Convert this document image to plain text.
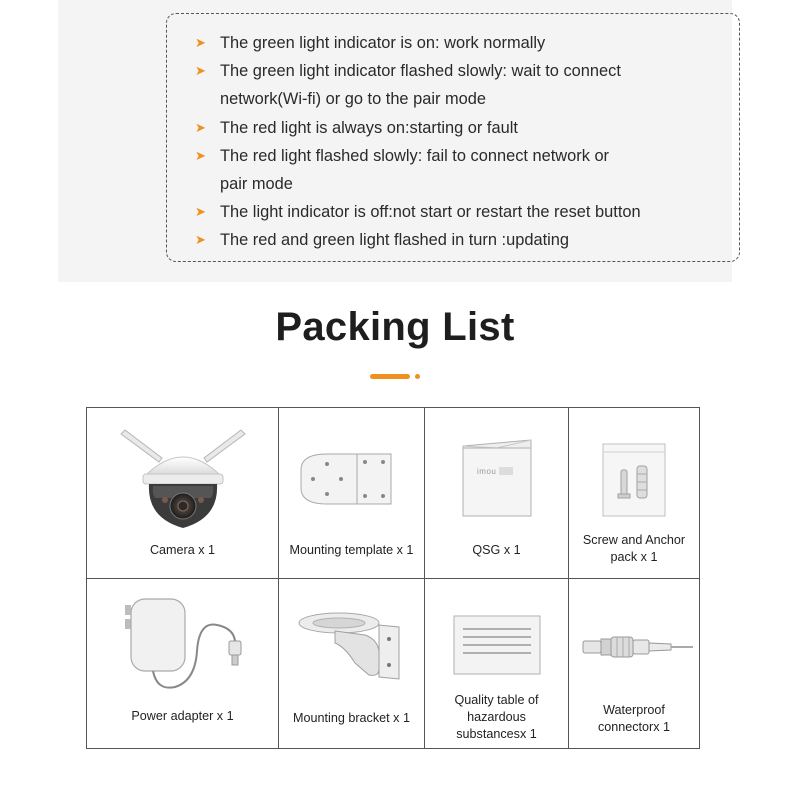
➤ The green light indicator is on: work normally
➤ The green light indicator flashed slowly: wait to connect
network(Wi-fi) or go to the pair mode
➤ The red light is always on:starting or fault
➤ The red light flashed slowly: fail to connect network or
pair mode
➤ The light indicator is off:not start or restart the reset button
➤ The red and green light flashed in turn :updating
Packing List
Camera x 1	Mounting template x 1
imou
QSG x 1
Screw and Anchor
pack x 1
Power adapter x 1	Mounting bracket x 1
Quality table of
hazardous
substancesx 1
Waterproof
connectorx 1
